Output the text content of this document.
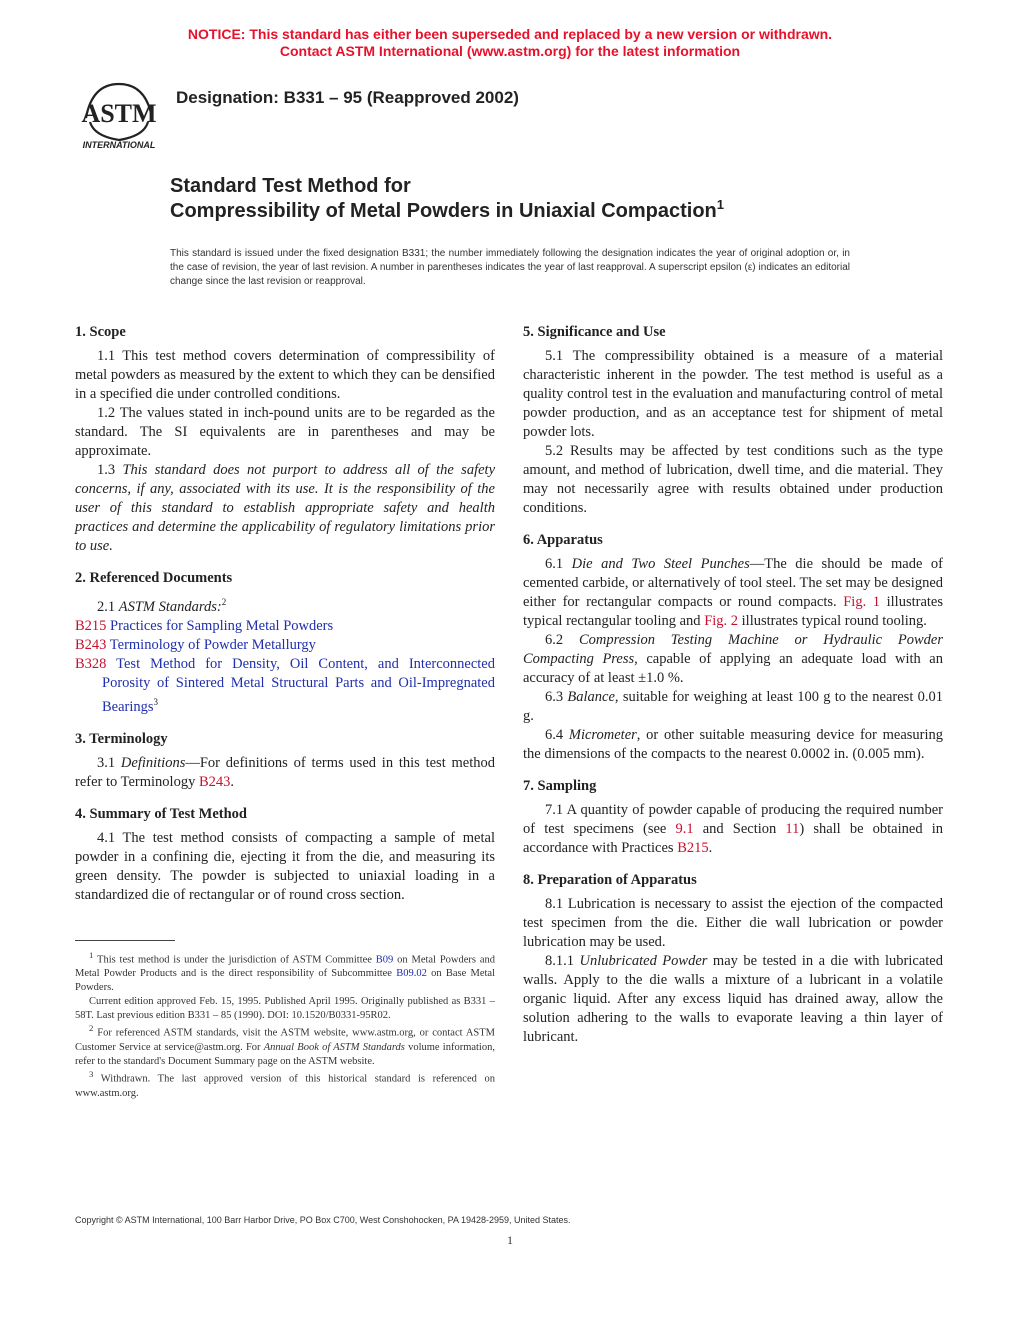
NOTICE: This standard has either been superseded and replaced by a new version or withdrawn.
Contact ASTM International (www.astm.org) for the latest information
ASTM
INTERNATIONAL
Designation: B331 – 95 (Reapproved 2002)
Standard Test Method for
Compressibility of Metal Powders in Uniaxial Compaction$^1$
This standard is issued under the fixed designation B331; the number immediately following the designation indicates the year of original adoption or, in the case of revision, the year of last revision. A number in parentheses indicates the year of last reapproval. A superscript epsilon (ε) indicates an editorial change since the last revision or reapproval.
1. Scope

1.1 This test method covers determination of compressibility of metal powders as measured by the extent to which they can be densified in a specified die under controlled conditions.

1.2 The values stated in inch-pound units are to be regarded as the standard. The SI equivalents are in parentheses and may be approximate.

1.3 This standard does not purport to address all of the safety concerns, if any, associated with its use. It is the responsibility of the user of this standard to establish appropriate safety and health practices and determine the applicability of regulatory limitations prior to use.

2. Referenced Documents

2.1 ASTM Standards:$^2$

B215 Practices for Sampling Metal Powders

B243 Terminology of Powder Metallurgy

B328 Test Method for Density, Oil Content, and Interconnected Porosity of Sintered Metal Structural Parts and Oil-Impregnated Bearings$^3$

3. Terminology

3.1 Definitions—For definitions of terms used in this test method refer to Terminology B243.

4. Summary of Test Method

4.1 The test method consists of compacting a sample of metal powder in a confining die, ejecting it from the die, and measuring its green density. The powder is subjected to uniaxial loading in a standardized die of rectangular or of round cross section.

$^1$ This test method is under the jurisdiction of ASTM Committee B09 on Metal Powders and Metal Powder Products and is the direct responsibility of Subcommittee B09.02 on Base Metal Powders.

Current edition approved Feb. 15, 1995. Published April 1995. Originally published as B331 – 58T. Last previous edition B331 – 85 (1990). DOI: 10.1520/B0331-95R02.

$^2$ For referenced ASTM standards, visit the ASTM website, www.astm.org, or contact ASTM Customer Service at service@astm.org. For Annual Book of ASTM Standards volume information, refer to the standard's Document Summary page on the ASTM website.

$^3$ Withdrawn. The last approved version of this historical standard is referenced on www.astm.org.

5. Significance and Use

5.1 The compressibility obtained is a measure of a material characteristic inherent in the powder. The test method is useful as a quality control test in the evaluation and manufacturing control of metal powder production, and as an acceptance test for shipment of metal powder lots.

5.2 Results may be affected by test conditions such as the type amount, and method of lubrication, dwell time, and die material. They may not necessarily agree with results obtained under production conditions.

6. Apparatus

6.1 Die and Two Steel Punches—The die should be made of cemented carbide, or alternatively of tool steel. The set may be designed either for rectangular compacts or round compacts. Fig. 1 illustrates typical rectangular tooling and Fig. 2 illustrates typical round tooling.

6.2 Compression Testing Machine or Hydraulic Powder Compacting Press, capable of applying an adequate load with an accuracy of at least ±1.0 %.

6.3 Balance, suitable for weighing at least 100 g to the nearest 0.01 g.

6.4 Micrometer, or other suitable measuring device for measuring the dimensions of the compacts to the nearest 0.0002 in. (0.005 mm).

7. Sampling

7.1 A quantity of powder capable of producing the required number of test specimens (see 9.1 and Section 11) shall be obtained in accordance with Practices B215.

8. Preparation of Apparatus

8.1 Lubrication is necessary to assist the ejection of the compacted test specimen from the die. Either die wall lubrication or powder lubrication may be used.

8.1.1 Unlubricated Powder may be tested in a die with lubricated walls. Apply to the die walls a mixture of a lubricant in a volatile organic liquid. After any excess liquid has drained away, allow the solution adhering to the walls to evaporate leaving a thin layer of lubricant.

Copyright © ASTM International, 100 Barr Harbor Drive, PO Box C700, West Conshohocken, PA 19428-2959, United States.
1
